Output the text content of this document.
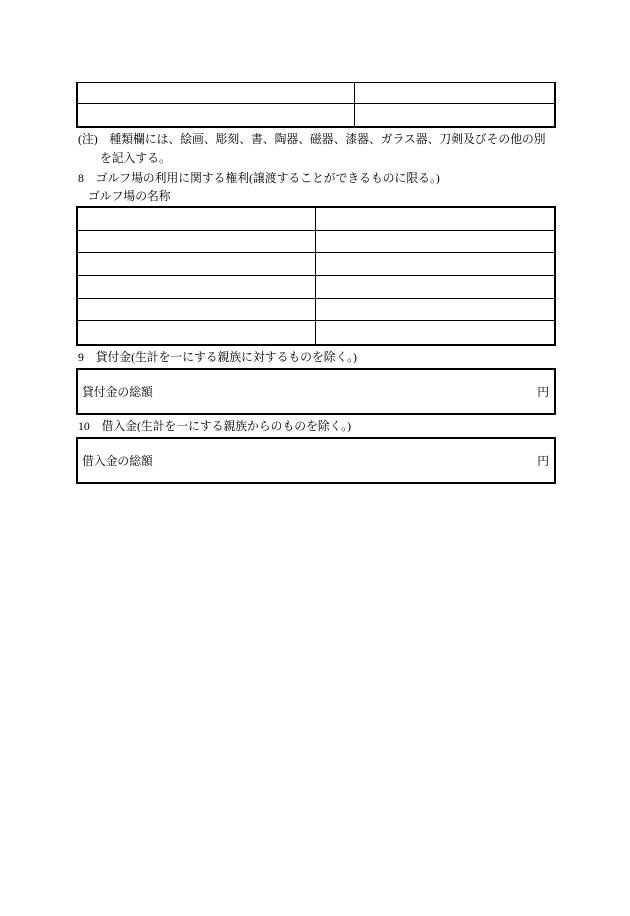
(注)　種類欄には、絵画、彫刻、書、陶器、磁器、漆器、ガラス器、刀剣及びその他の別
を記入する。
8　ゴルフ場の利用に関する権利(譲渡することができるものに限る。)
ゴルフ場の名称
9　貸付金(生計を一にする親族に対するものを除く。)
貸付金の総額	円
10　借入金(生計を一にする親族からのものを除く。)
借入金の総額	円
